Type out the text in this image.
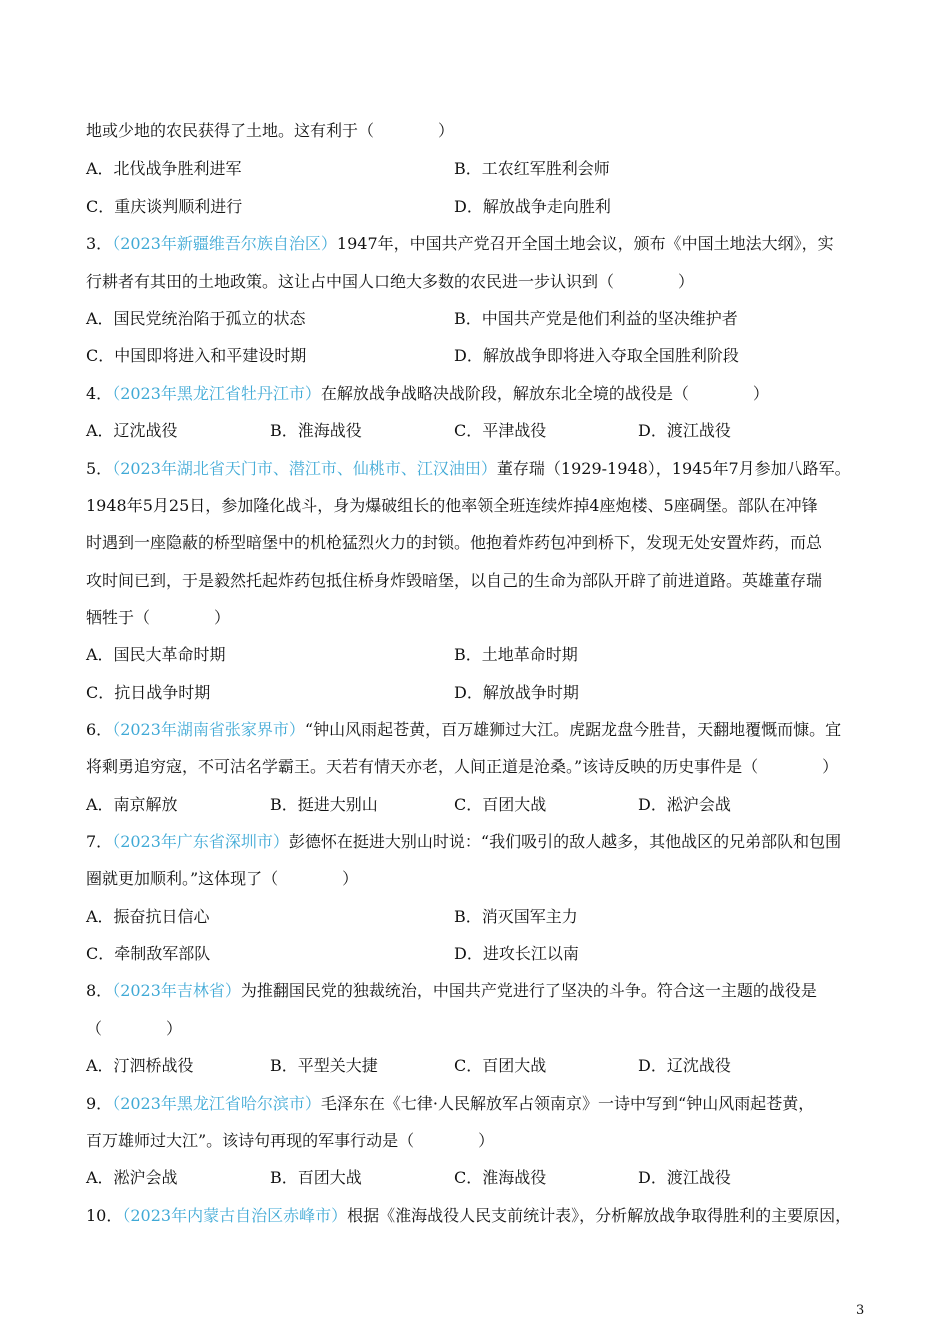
地或少地的农民获得了土地。这有利于（　　　　）
A．北伐战争胜利进军	B．工农红军胜利会师
C．重庆谈判顺利进行	D．解放战争走向胜利
3．（2023年新疆维吾尔族自治区）1947年，中国共产党召开全国土地会议，颁布《中国土地法大纲》，实
行耕者有其田的土地政策。这让占中国人口绝大多数的农民进一步认识到（　　　　）
A．国民党统治陷于孤立的状态	B．中国共产党是他们利益的坚决维护者
C．中国即将进入和平建设时期	D．解放战争即将进入夺取全国胜利阶段
4．（2023年黑龙江省牡丹江市）在解放战争战略决战阶段，解放东北全境的战役是（　　　　）
A．辽沈战役	B．淮海战役	C．平津战役	D．渡江战役
5．（2023年湖北省天门市、潜江市、仙桃市、江汉油田）董存瑞（1929-1948），1945年7月参加八路军。
1948年5月25日，参加隆化战斗，身为爆破组长的他率领全班连续炸掉4座炮楼、5座碉堡。部队在冲锋
时遇到一座隐蔽的桥型暗堡中的机枪猛烈火力的封锁。他抱着炸药包冲到桥下，发现无处安置炸药，而总
攻时间已到，于是毅然托起炸药包抵住桥身炸毁暗堡，以自己的生命为部队开辟了前进道路。英雄董存瑞
牺牲于（　　　　）
A．国民大革命时期	B．土地革命时期
C．抗日战争时期	D．解放战争时期
6．（2023年湖南省张家界市）“钟山风雨起苍黄，百万雄狮过大江。虎踞龙盘今胜昔，天翻地覆慨而慷。宜
将剩勇追穷寇，不可沽名学霸王。天若有情天亦老，人间正道是沧桑。”该诗反映的历史事件是（　　　　）
A．南京解放	B．挺进大别山	C．百团大战	D．淞沪会战
7．（2023年广东省深圳市）彭德怀在挺进大别山时说：“我们吸引的敌人越多，其他战区的兄弟部队和包围
圈就更加顺利。”这体现了（　　　　）
A．振奋抗日信心	B．消灭国军主力
C．牵制敌军部队	D．进攻长江以南
8．（2023年吉林省）为推翻国民党的独裁统治，中国共产党进行了坚决的斗争。符合这一主题的战役是
（　　　　）
A．汀泗桥战役	B．平型关大捷	C．百团大战	D．辽沈战役
9．（2023年黑龙江省哈尔滨市）毛泽东在《七律·人民解放军占领南京》一诗中写到“钟山风雨起苍黄，
百万雄师过大江”。该诗句再现的军事行动是（　　　　）
A．淞沪会战	B．百团大战	C．淮海战役	D．渡江战役
10．（2023年内蒙古自治区赤峰市）根据《淮海战役人民支前统计表》，分析解放战争取得胜利的主要原因，
3
